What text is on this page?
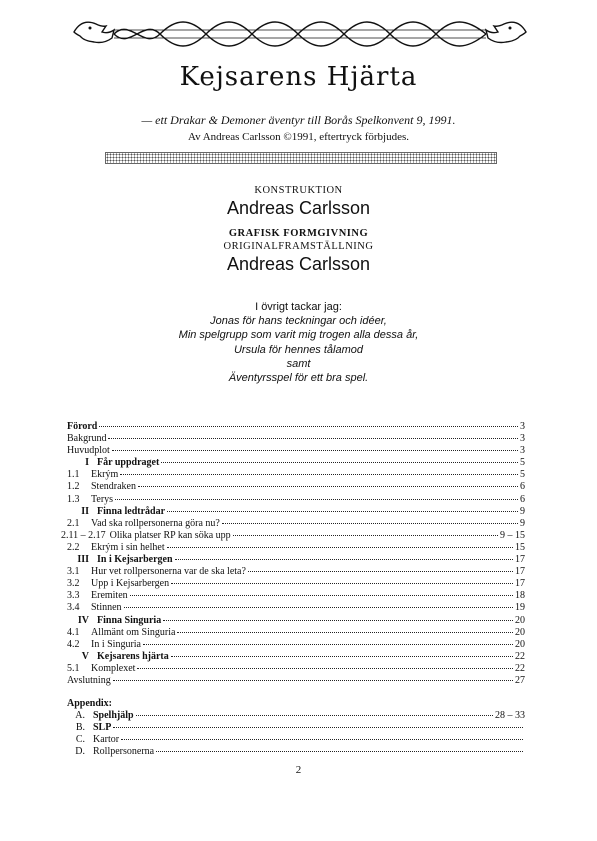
Kejsarens Hjärta
— ett Drakar & Demoner äventyr till Borås Spelkonvent 9, 1991.
Av Andreas Carlsson ©1991, eftertryck förbjudes.
KONSTRUKTION
Andreas Carlsson
GRAFISK FORMGIVNING
ORIGINALFRAMSTÄLLNING
Andreas Carlsson
I övrigt tackar jag:
Jonas för hans teckningar och idéer,
Min spelgrupp som varit mig trogen alla dessa år,
Ursula för hennes tålamod
samt
Äventyrsspel för ett bra spel.
Förord	3
Bakgrund	3
Huvudplot	3
I Får uppdraget	5
1.1	Ekrým	5
1.2	Stendraken	6
1.3	Terys	6
II Finna ledtrådar	9
2.1	Vad ska rollpersonerna göra nu?	9
2.11 – 2.17 Olika platser RP kan söka upp	9 – 15
2.2	Ekrým i sin helhet	15
III In i Kejsarbergen	17
3.1	Hur vet rollpersonerna var de ska leta?	17
3.2	Upp i Kejsarbergen	17
3.3	Eremiten	18
3.4	Stinnen	19
IV Finna Singuria	20
4.1	Allmänt om Singuria	20
4.2	In i Singuria	20
V Kejsarens hjärta	22
5.1	Komplexet	22
Avslutning	27
Appendix:
A. Spelhjälp	28 – 33
B. SLP
C. Kartor
D. Rollpersonerna
2
